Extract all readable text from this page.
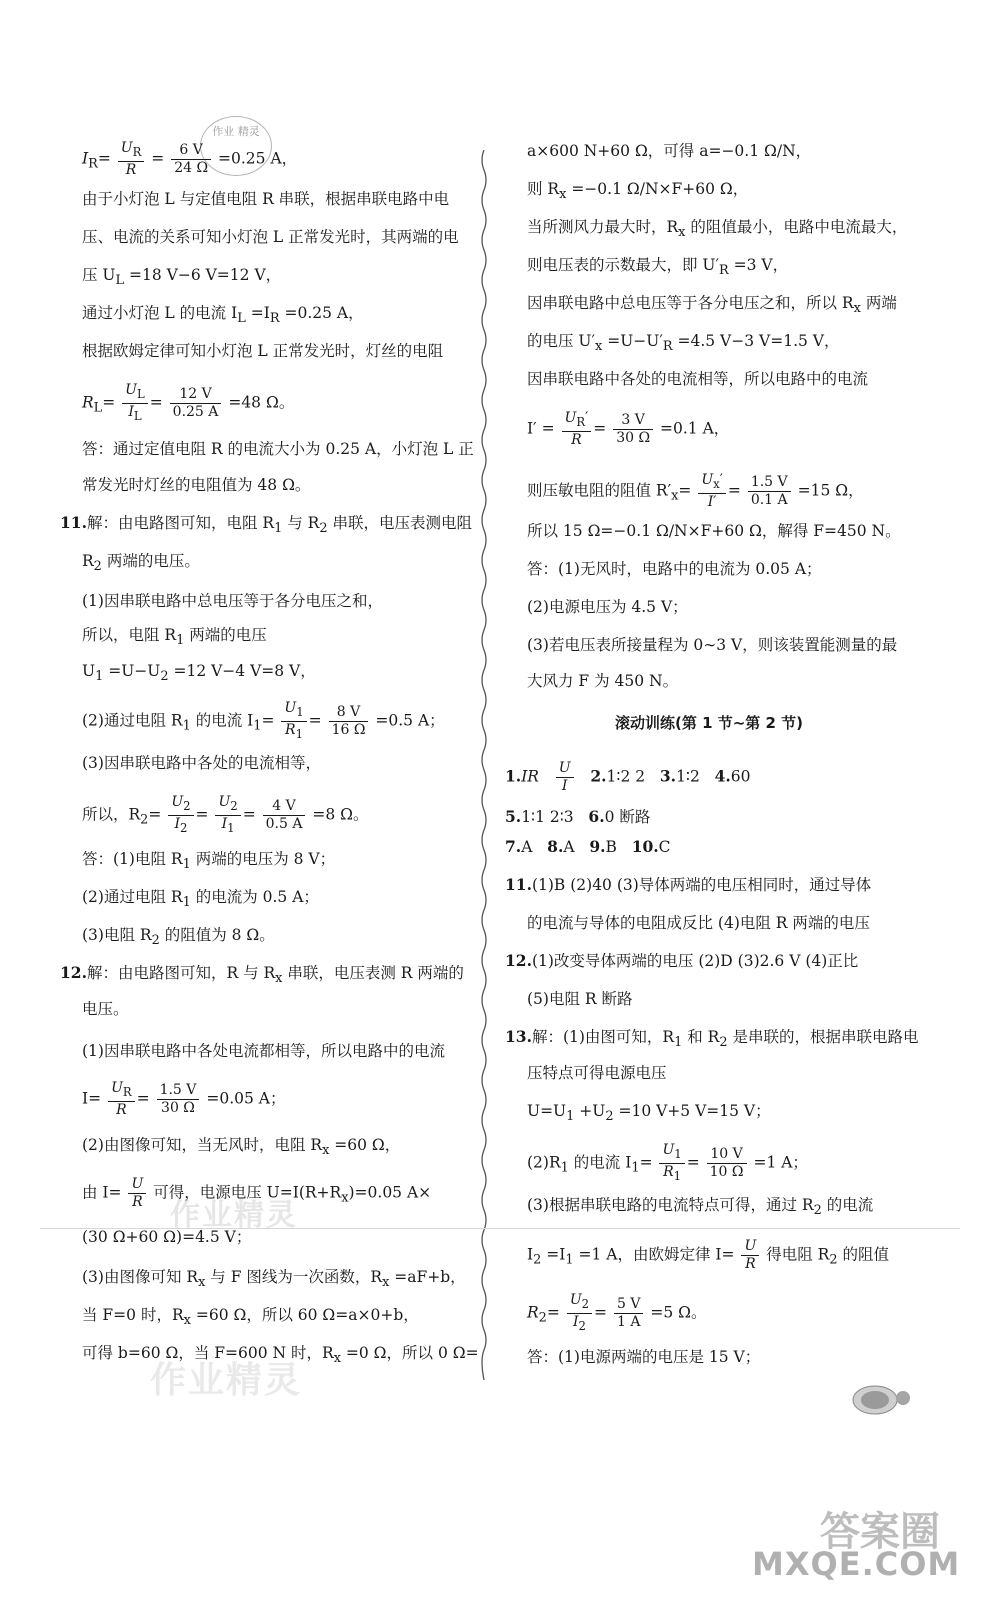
作业 精灵
作业精灵
作业精灵
$I_R= \frac{U_R}{R} = \frac{6 V}{24 \Omega} =0.25$ A，
由于小灯泡 L 与定值电阻 R 串联，根据串联电路中电
压、电流的关系可知小灯泡 L 正常发光时，其两端的电
压 $U_L =18$ V−6 V=12 V，
通过小灯泡 L 的电流 $I_L =I_R =0.25$ A，
根据欧姆定律可知小灯泡 L 正常发光时，灯丝的电阻
$R_L= \frac{U_L}{I_L} = \frac{12 V}{0.25 A} =48$ Ω。
答：通过定值电阻 R 的电流大小为 0.25 A，小灯泡 L 正
常发光时灯丝的电阻值为 48 Ω。
11.解：由电路图可知，电阻 $R_1$ 与 $R_2$ 串联，电压表测电阻
$R_2$ 两端的电压。
(1)因串联电路中总电压等于各分电压之和，
所以，电阻 $R_1$ 两端的电压
$U_1 =U-U_2 =12$ V−4 V=8 V，
(2)通过电阻 $R_1$ 的电流 $I_1= \frac{U_1}{R_1} = \frac{8 V}{16 \Omega} =0.5$ A；
(3)因串联电路中各处的电流相等，
所以，$R_2= \frac{U_2}{I_2} = \frac{U_2}{I_1} = \frac{4 V}{0.5 A} =8$ Ω。
答：(1)电阻 $R_1$ 两端的电压为 8 V；
(2)通过电阻 $R_1$ 的电流为 0.5 A；
(3)电阻 $R_2$ 的阻值为 8 Ω。
12.解：由电路图可知，R 与 $R_x$ 串联，电压表测 R 两端的
电压。
(1)因串联电路中各处电流都相等，所以电路中的电流
$I= \frac{U_R}{R} = \frac{1.5 V}{30 \Omega} =0.05$ A；
(2)由图像可知，当无风时，电阻 $R_x =60$ Ω，
由 $I= \frac{U}{R}$ 可得，电源电压 $U=I(R+R_x)=0.05$ A×
(30 Ω+60 Ω)=4.5 V；
(3)由图像可知 $R_x$ 与 F 图线为一次函数，$R_x =aF+b$，
当 F=0 时，$R_x =60$ Ω，所以 60 Ω=a×0+b，
可得 b=60 Ω，当 F=600 N 时，$R_x =0$ Ω，所以 0 Ω=
a×600 N+60 Ω，可得 a=−0.1 Ω/N，
则 $R_x =-0.1$ Ω/N×F+60 Ω，
当所测风力最大时，$R_x$ 的阻值最小，电路中电流最大，
则电压表的示数最大，即 $U'_R =3$ V，
因串联电路中总电压等于各分电压之和，所以 $R_x$ 两端
的电压 $U'_x =U-U'_R =4.5$ V−3 V=1.5 V，
因串联电路中各处的电流相等，所以电路中的电流
$I' = \frac{U_R'}{R} = \frac{3 V}{30 \Omega} =0.1$ A，
则压敏电阻的阻值 $R'_x= \frac{U_x'}{I'} = \frac{1.5 V}{0.1 A} =15$ Ω，
所以 15 Ω=−0.1 Ω/N×F+60 Ω，解得 F=450 N。
答：(1)无风时，电路中的电流为 0.05 A；
(2)电源电压为 4.5 V；
(3)若电压表所接量程为 0∼3 V，则该装置能测量的最
大风力 F 为 450 N。
滚动训练(第 1 节∼第 2 节)
$1.IR \frac{U}{I}$ 2.1∶2 2 3.1∶2 4.60
5.1∶1 2∶3 6.0 断路
7.A 8.A 9.B 10.C
11.(1)B (2)40 (3)导体两端的电压相同时，通过导体
的电流与导体的电阻成反比 (4)电阻 R 两端的电压
12.(1)改变导体两端的电压 (2)D (3)2.6 V (4)正比
(5)电阻 R 断路
13.解：(1)由图可知，$R_1$ 和 $R_2$ 是串联的，根据串联电路电
压特点可得电源电压
$U=U_1 +U_2 =10$ V+5 V=15 V；
$(2)R_1$ 的电流 $I_1= \frac{U_1}{R_1} = \frac{10 V}{10 \Omega} =1$ A；
(3)根据串联电路的电流特点可得，通过 $R_2$ 的电流
$I_2 =I_1 =1$ A，由欧姆定律 $I= \frac{U}{R}$ 得电阻 $R_2$ 的阻值
$R_2= \frac{U_2}{I_2} = \frac{5 V}{1 A} =5$ Ω。
答：(1)电源两端的电压是 15 V；
答案圈
MXQE.COM
